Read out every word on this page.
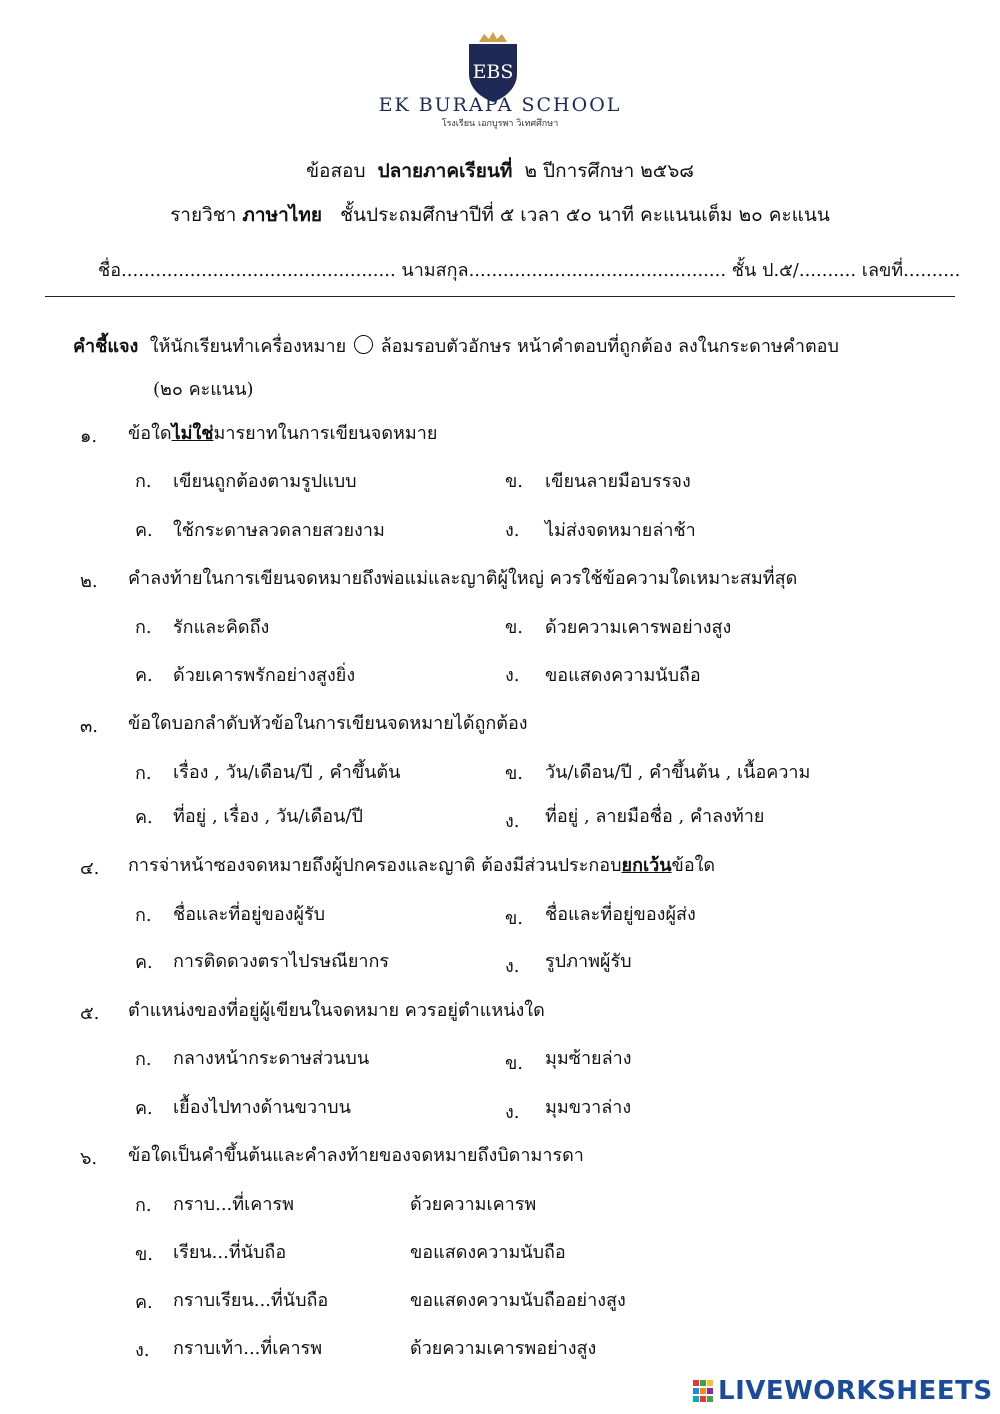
EBS
EK BURAPA SCHOOL
โรงเรียน เอกบูรพา วิเทศศึกษา
ข้อสอบ ปลายภาคเรียนที่ ๒ ปีการศึกษา ๒๕๖๘
รายวิชา ภาษาไทย ชั้นประถมศึกษาปีที่ ๕ เวลา ๕๐ นาที คะแนนเต็ม ๒๐ คะแนน
ชื่อ................................................ นามสกุล............................................. ชั้น ป.๕/.......... เลขที่..........
คำชี้แจง ให้นักเรียนทำเครื่องหมาย ○ ล้อมรอบตัวอักษร หน้าคำตอบที่ถูกต้อง ลงในกระดาษคำตอบ
(๒๐ คะแนน)
๑. ข้อใดไม่ใช่มารยาทในการเขียนจดหมาย
ก. เขียนถูกต้องตามรูปแบบ	ข. เขียนลายมือบรรจง
ค. ใช้กระดาษลวดลายสวยงาม	ง. ไม่ส่งจดหมายล่าช้า
๒. คำลงท้ายในการเขียนจดหมายถึงพ่อแม่และญาติผู้ใหญ่ ควรใช้ข้อความใดเหมาะสมที่สุด
ก. รักและคิดถึง	ข. ด้วยความเคารพอย่างสูง
ค. ด้วยเคารพรักอย่างสูงยิ่ง	ง. ขอแสดงความนับถือ
๓. ข้อใดบอกลำดับหัวข้อในการเขียนจดหมายได้ถูกต้อง
ก. เรื่อง , วัน/เดือน/ปี , คำขึ้นต้น	ข. วัน/เดือน/ปี , คำขึ้นต้น , เนื้อความ
ค. ที่อยู่ , เรื่อง , วัน/เดือน/ปี	ง. ที่อยู่ , ลายมือชื่อ , คำลงท้าย
๔. การจ่าหน้าซองจดหมายถึงผู้ปกครองและญาติ ต้องมีส่วนประกอบยกเว้นข้อใด
ก. ชื่อและที่อยู่ของผู้รับ	ข. ชื่อและที่อยู่ของผู้ส่ง
ค. การติดดวงตราไปรษณียากร	ง. รูปภาพผู้รับ
๕. ตำแหน่งของที่อยู่ผู้เขียนในจดหมาย ควรอยู่ตำแหน่งใด
ก. กลางหน้ากระดาษส่วนบน	ข. มุมซ้ายล่าง
ค. เยื้องไปทางด้านขวาบน	ง. มุมขวาล่าง
๖. ข้อใดเป็นคำขึ้นต้นและคำลงท้ายของจดหมายถึงบิดามารดา
ก. กราบ...ที่เคารพ	ด้วยความเคารพ
ข. เรียน...ที่นับถือ	ขอแสดงความนับถือ
ค. กราบเรียน...ที่นับถือ	ขอแสดงความนับถืออย่างสูง
ง. กราบเท้า...ที่เคารพ	ด้วยความเคารพอย่างสูง
LIVEWORKSHEETS
